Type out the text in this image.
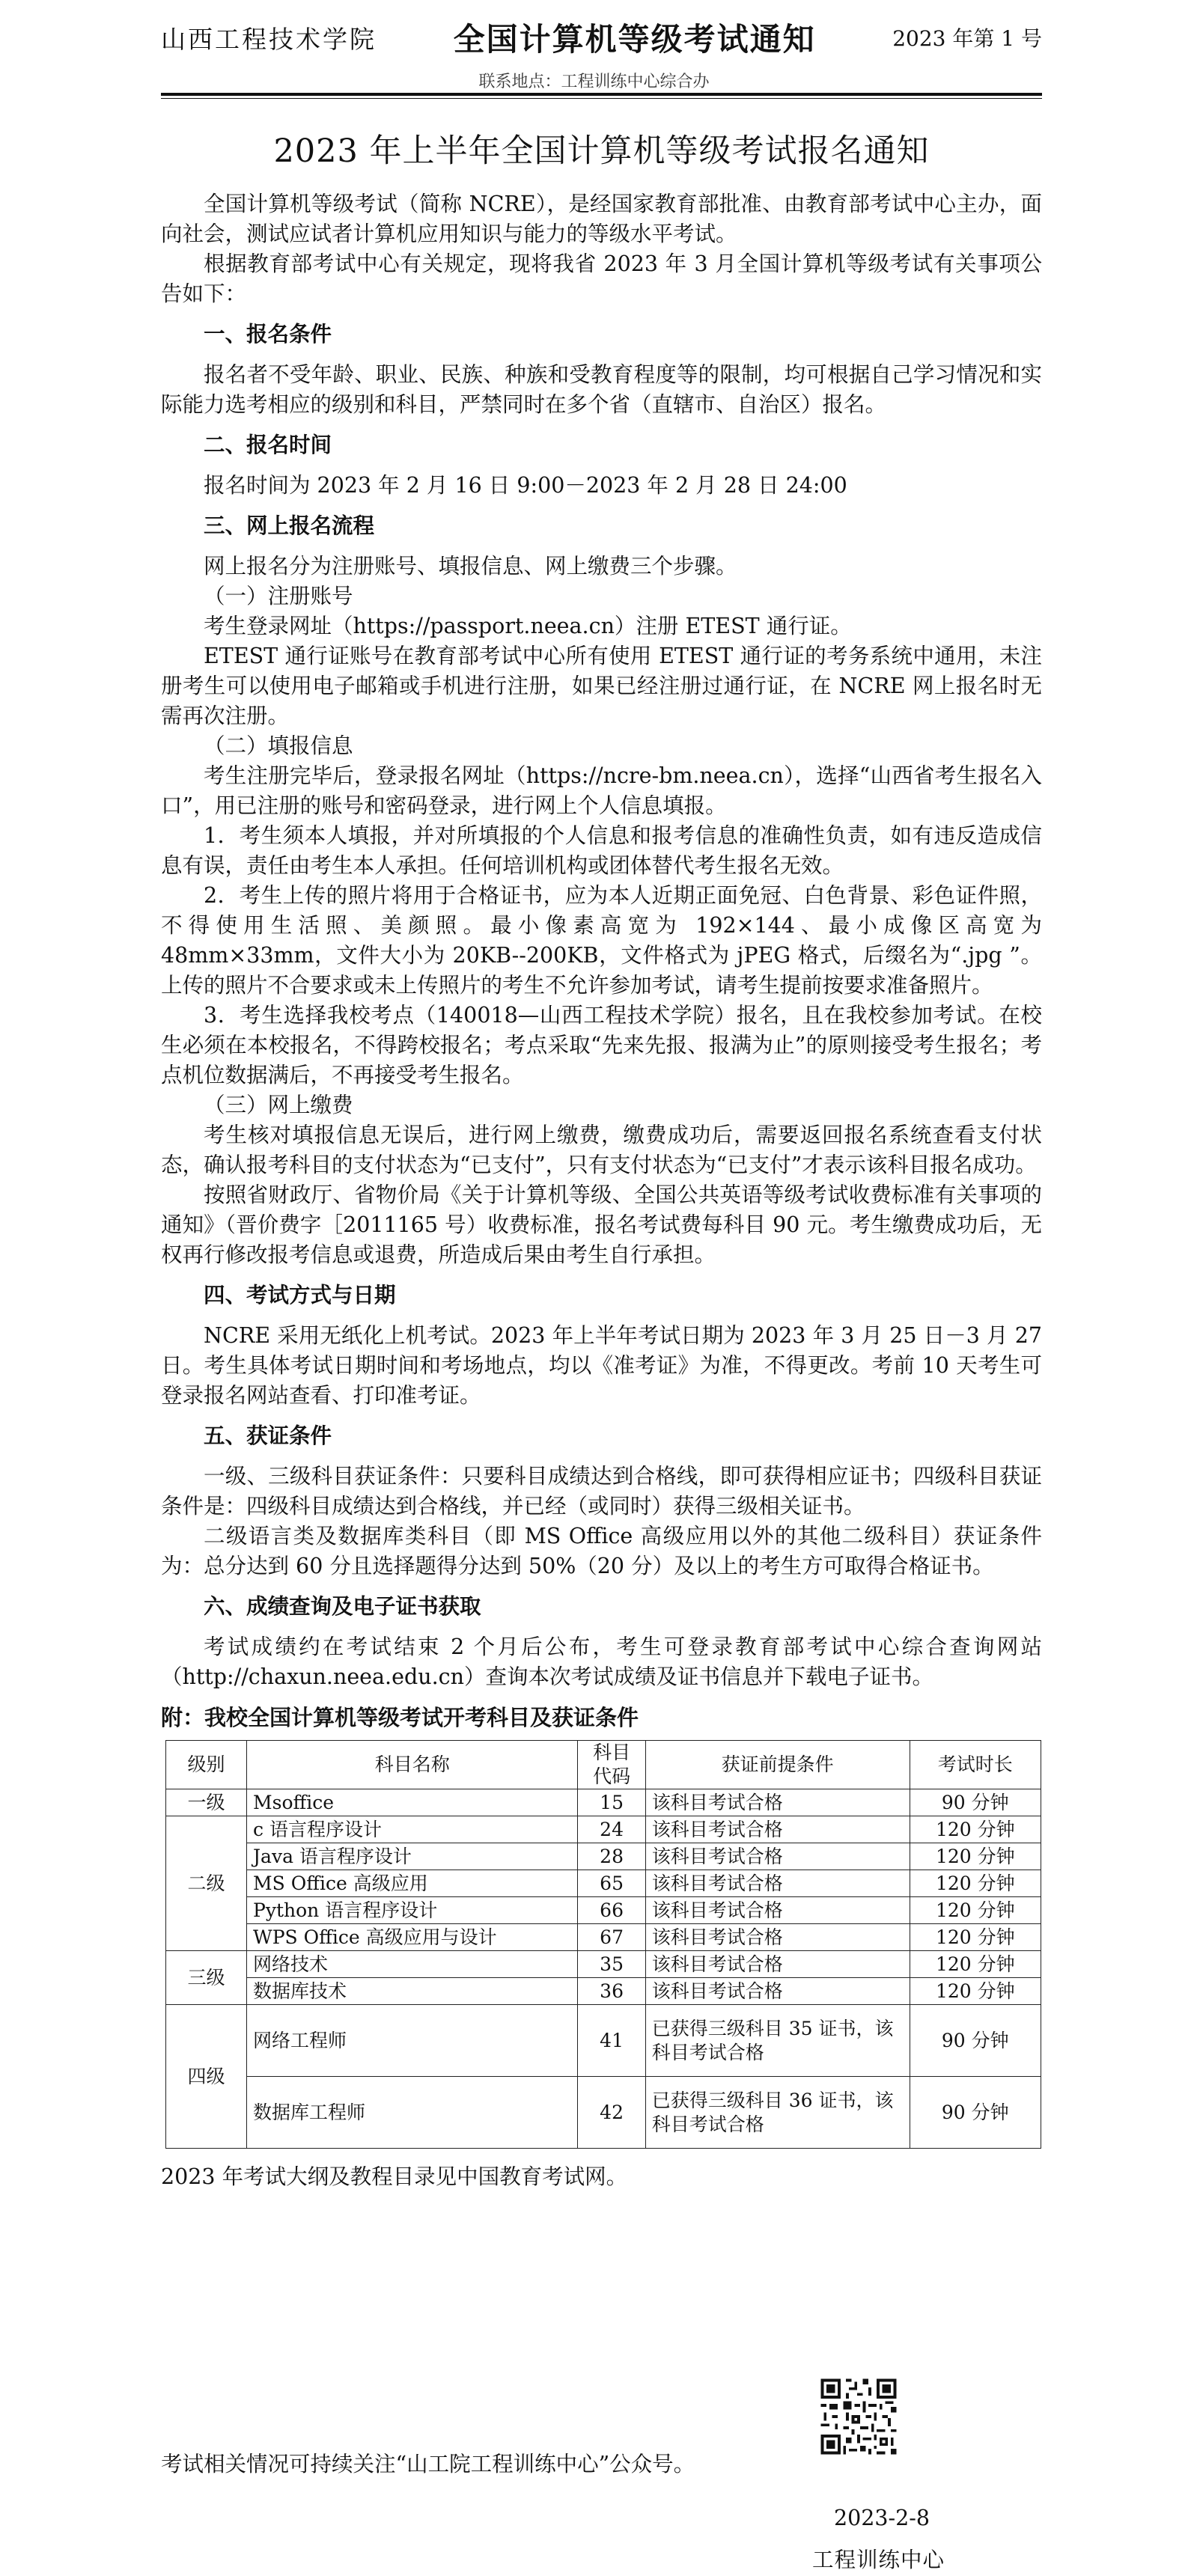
山西工程技术学院 全国计算机等级考试通知	2023 年第 1 号
联系地点：工程训练中心综合办
2023 年上半年全国计算机等级考试报名通知

全国计算机等级考试（简称 NCRE），是经国家教育部批准、由教育部考试中心主办，面向社会，测试应试者计算机应用知识与能力的等级水平考试。

根据教育部考试中心有关规定，现将我省 2023 年 3 月全国计算机等级考试有关事项公告如下：

一、报名条件

报名者不受年龄、职业、民族、种族和受教育程度等的限制，均可根据自己学习情况和实际能力选考相应的级别和科目，严禁同时在多个省（直辖市、自治区）报名。

二、报名时间

报名时间为 2023 年 2 月 16 日 9:00－2023 年 2 月 28 日 24:00

三、网上报名流程

网上报名分为注册账号、填报信息、网上缴费三个步骤。

（一）注册账号

考生登录网址（https://passport.neea.cn）注册 ETEST 通行证。

ETEST 通行证账号在教育部考试中心所有使用 ETEST 通行证的考务系统中通用，未注册考生可以使用电子邮箱或手机进行注册，如果已经注册过通行证，在 NCRE 网上报名时无需再次注册。

（二）填报信息

考生注册完毕后，登录报名网址（https://ncre-bm.neea.cn），选择“山西省考生报名入口”，用已注册的账号和密码登录，进行网上个人信息填报。

1．考生须本人填报，并对所填报的个人信息和报考信息的准确性负责，如有违反造成信息有误，责任由考生本人承担。任何培训机构或团体替代考生报名无效。

2．考生上传的照片将用于合格证书，应为本人近期正面免冠、白色背景、彩色证件照，不得使用生活照、美颜照。最小像素高宽为 192×144、最小成像区高宽为 48mm×33mm，文件大小为 20KB--200KB，文件格式为 jPEG 格式，后缀名为“.jpg ”。上传的照片不合要求或未上传照片的考生不允许参加考试，请考生提前按要求准备照片。

3．考生选择我校考点（140018—山西工程技术学院）报名，且在我校参加考试。在校生必须在本校报名，不得跨校报名；考点采取“先来先报、报满为止”的原则接受考生报名；考点机位数据满后，不再接受考生报名。

（三）网上缴费

考生核对填报信息无误后，进行网上缴费，缴费成功后，需要返回报名系统查看支付状态，确认报考科目的支付状态为“已支付”，只有支付状态为“已支付”才表示该科目报名成功。

按照省财政厅、省物价局《关于计算机等级、全国公共英语等级考试收费标准有关事项的通知》（晋价费字［2011165 号）收费标准，报名考试费每科目 90 元。考生缴费成功后，无权再行修改报考信息或退费，所造成后果由考生自行承担。

四、考试方式与日期

NCRE 采用无纸化上机考试。2023 年上半年考试日期为 2023 年 3 月 25 日－3 月 27 日。考生具体考试日期时间和考场地点，均以《准考证》为准，不得更改。考前 10 天考生可登录报名网站查看、打印准考证。

五、获证条件

一级、三级科目获证条件：只要科目成绩达到合格线，即可获得相应证书；四级科目获证条件是：四级科目成绩达到合格线，并已经（或同时）获得三级相关证书。

二级语言类及数据库类科目（即 MS Office 高级应用以外的其他二级科目）获证条件为：总分达到 60 分且选择题得分达到 50%（20 分）及以上的考生方可取得合格证书。

六、成绩查询及电子证书获取

考试成绩约在考试结束 2 个月后公布，考生可登录教育部考试中心综合查询网站（http://chaxun.neea.edu.cn）查询本次考试成绩及证书信息并下载电子证书。

附：我校全国计算机等级考试开考科目及获证条件
级别	科目名称	科目代码	获证前提条件	考试时长
一级	Msoffice	15	该科目考试合格	90 分钟
二级	c 语言程序设计	24	该科目考试合格	120 分钟
	Java 语言程序设计	28	该科目考试合格	120 分钟
	MS Office 高级应用	65	该科目考试合格	120 分钟
	Python 语言程序设计	66	该科目考试合格	120 分钟
	WPS Office 高级应用与设计	67	该科目考试合格	120 分钟
三级	网络技术	35	该科目考试合格	120 分钟
	数据库技术	36	该科目考试合格	120 分钟
四级	网络工程师	41	已获得三级科目 35 证书，该科目考试合格	90 分钟
	数据库工程师	42	已获得三级科目 36 证书，该科目考试合格	90 分钟

2023 年考试大纲及教程目录见中国教育考试网。

考试相关情况可持续关注“山工院工程训练中心”公众号。
2023-2-8
工程训练中心
